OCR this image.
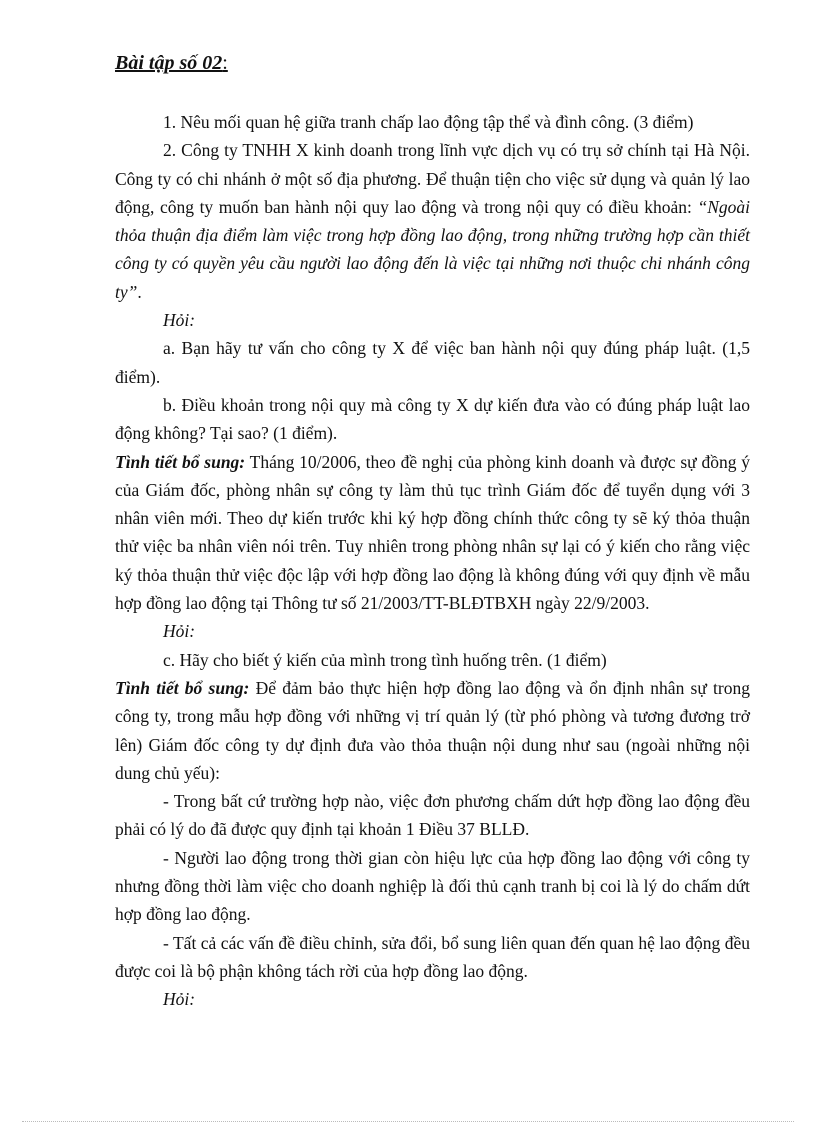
Bài tập số 02:

1. Nêu mối quan hệ giữa tranh chấp lao động tập thể và đình công. (3 điểm)

2. Công ty TNHH X kinh doanh trong lĩnh vực dịch vụ có trụ sở chính tại Hà Nội. Công ty có chi nhánh ở một số địa phương. Để thuận tiện cho việc sử dụng và quản lý lao động, công ty muốn ban hành nội quy lao động và trong nội quy có điều khoản: “Ngoài thỏa thuận địa điểm làm việc trong hợp đồng lao động, trong những trường hợp cần thiết công ty có quyền yêu cầu người lao động đến là việc tại những nơi thuộc chi nhánh công ty”.

Hỏi:

a. Bạn hãy tư vấn cho công ty X để việc ban hành nội quy đúng pháp luật. (1,5 điểm).

b. Điều khoản trong nội quy mà công ty X dự kiến đưa vào có đúng pháp luật lao động không? Tại sao? (1 điểm).

Tình tiết bổ sung: Tháng 10/2006, theo đề nghị của phòng kinh doanh và được sự đồng ý của Giám đốc, phòng nhân sự công ty làm thủ tục trình Giám đốc để tuyển dụng với 3 nhân viên mới. Theo dự kiến trước khi ký hợp đồng chính thức công ty sẽ ký thỏa thuận thử việc ba nhân viên nói trên. Tuy nhiên trong phòng nhân sự lại có ý kiến cho rằng việc ký thỏa thuận thử việc độc lập với hợp đồng lao động là không đúng với quy định về mẫu hợp đồng lao động tại Thông tư số 21/2003/TT-BLĐTBXH ngày 22/9/2003.

Hỏi:

c. Hãy cho biết ý kiến của mình trong tình huống trên. (1 điểm)

Tình tiết bổ sung: Để đảm bảo thực hiện hợp đồng lao động và ổn định nhân sự trong công ty, trong mẫu hợp đồng với những vị trí quản lý (từ phó phòng và tương đương trở lên) Giám đốc công ty dự định đưa vào thỏa thuận nội dung như sau (ngoài những nội dung chủ yếu):

- Trong bất cứ trường hợp nào, việc đơn phương chấm dứt hợp đồng lao động đều phải có lý do đã được quy định tại khoản 1 Điều 37 BLLĐ.

- Người lao động trong thời gian còn hiệu lực của hợp đồng lao động với công ty nhưng đồng thời làm việc cho doanh nghiệp là đối thủ cạnh tranh bị coi là lý do chấm dứt hợp đồng lao động.

- Tất cả các vấn đề điều chỉnh, sửa đổi, bổ sung liên quan đến quan hệ lao động đều được coi là bộ phận không tách rời của hợp đồng lao động.

Hỏi:
